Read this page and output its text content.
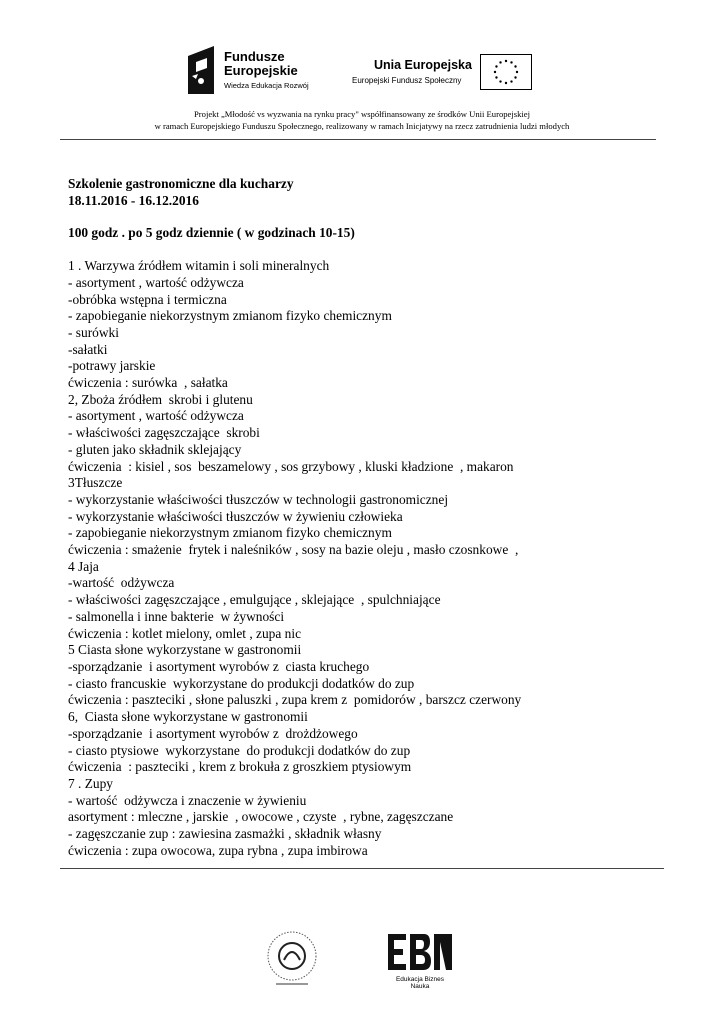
Fundusze
Europejskie
Wiedza Edukacja Rozwój
Unia Europejska
Europejski Fundusz Społeczny
Projekt „Młodość vs wyzwania na rynku pracy" współfinansowany ze środków Unii Europejskiej
w ramach Europejskiego Funduszu Społecznego, realizowany w ramach Inicjatywy na rzecz zatrudnienia ludzi młodych
Szkolenie gastronomiczne dla kucharzy
18.11.2016 - 16.12.2016
100 godz . po 5 godz dziennie ( w godzinach 10-15)
1 . Warzywa źródłem witamin i soli mineralnych
- asortyment , wartość odżywcza
-obróbka wstępna i termiczna
- zapobieganie niekorzystnym zmianom fizyko chemicznym
- surówki
-sałatki
-potrawy jarskie
ćwiczenia : surówka  , sałatka
2, Zboża źródłem  skrobi i glutenu
- asortyment , wartość odżywcza
- właściwości zagęszczające  skrobi
- gluten jako składnik sklejający
ćwiczenia  : kisiel , sos  beszamelowy , sos grzybowy , kluski kładzione  , makaron
3Tłuszcze
- wykorzystanie właściwości tłuszczów w technologii gastronomicznej
- wykorzystanie właściwości tłuszczów w żywieniu człowieka
- zapobieganie niekorzystnym zmianom fizyko chemicznym
ćwiczenia : smażenie  frytek i naleśników , sosy na bazie oleju , masło czosnkowe  ,
4 Jaja
-wartość  odżywcza
- właściwości zagęszczające , emulgujące , sklejające  , spulchniające
- salmonella i inne bakterie  w żywności
ćwiczenia : kotlet mielony, omlet , zupa nic
5 Ciasta słone wykorzystane w gastronomii
-sporządzanie  i asortyment wyrobów z  ciasta kruchego
- ciasto francuskie  wykorzystane do produkcji dodatków do zup
ćwiczenia : paszteciki , słone paluszki , zupa krem z  pomidorów , barszcz czerwony
6,  Ciasta słone wykorzystane w gastronomii
-sporządzanie  i asortyment wyrobów z  drożdżowego
- ciasto ptysiowe  wykorzystane  do produkcji dodatków do zup
ćwiczenia  : paszteciki , krem z brokuła z groszkiem ptysiowym
7 . Zupy
- wartość  odżywcza i znaczenie w żywieniu
asortyment : mleczne , jarskie  , owocowe , czyste  , rybne, zagęszczane
- zagęszczanie zup : zawiesina zasmażki , składnik własny
ćwiczenia : zupa owocowa, zupa rybna , zupa imbirowa
Edukacja Biznes Nauka
